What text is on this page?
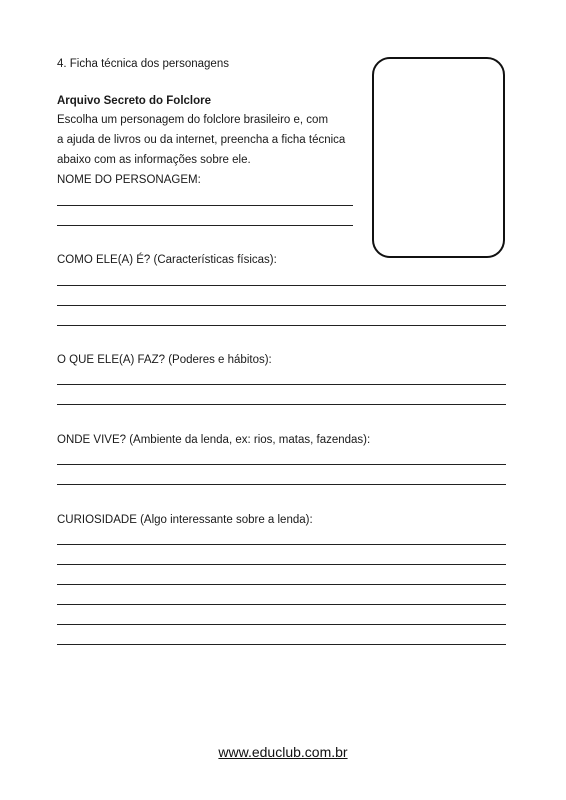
4. Ficha técnica dos personagens
Arquivo Secreto do Folclore
Escolha um personagem do folclore brasileiro e, com
a ajuda de livros ou da internet, preencha a ficha técnica
abaixo com as informações sobre ele.
NOME DO PERSONAGEM:
COMO ELE(A) É? (Características físicas):
O QUE ELE(A) FAZ? (Poderes e hábitos):
ONDE VIVE? (Ambiente da lenda, ex: rios, matas, fazendas):
CURIOSIDADE (Algo interessante sobre a lenda):
www.educlub.com.br
